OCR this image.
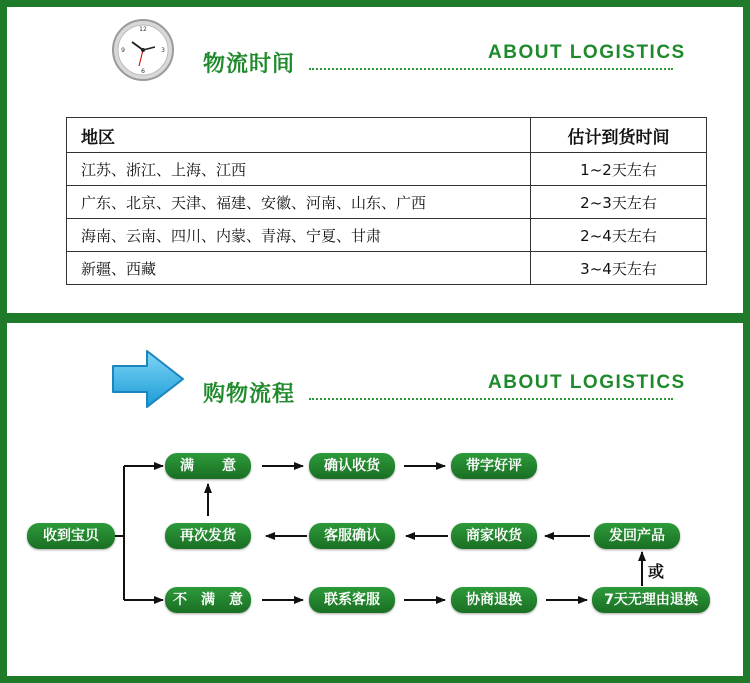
12
3
6
9
物流时间	ABOUT LOGISTICS
地区	估计到货时间
江苏、浙江、上海、江西	1~2天左右
广东、北京、天津、福建、安徽、河南、山东、广西	2~3天左右
海南、云南、四川、内蒙、青海、宁夏、甘肃	2~4天左右
新疆、西藏	3~4天左右
购物流程	ABOUT LOGISTICS
收到宝贝
满　　意	确认收货	带字好评
再次发货	客服确认	商家收货	发回产品
不　满　意	联系客服	协商退换	7天无理由退换
或
